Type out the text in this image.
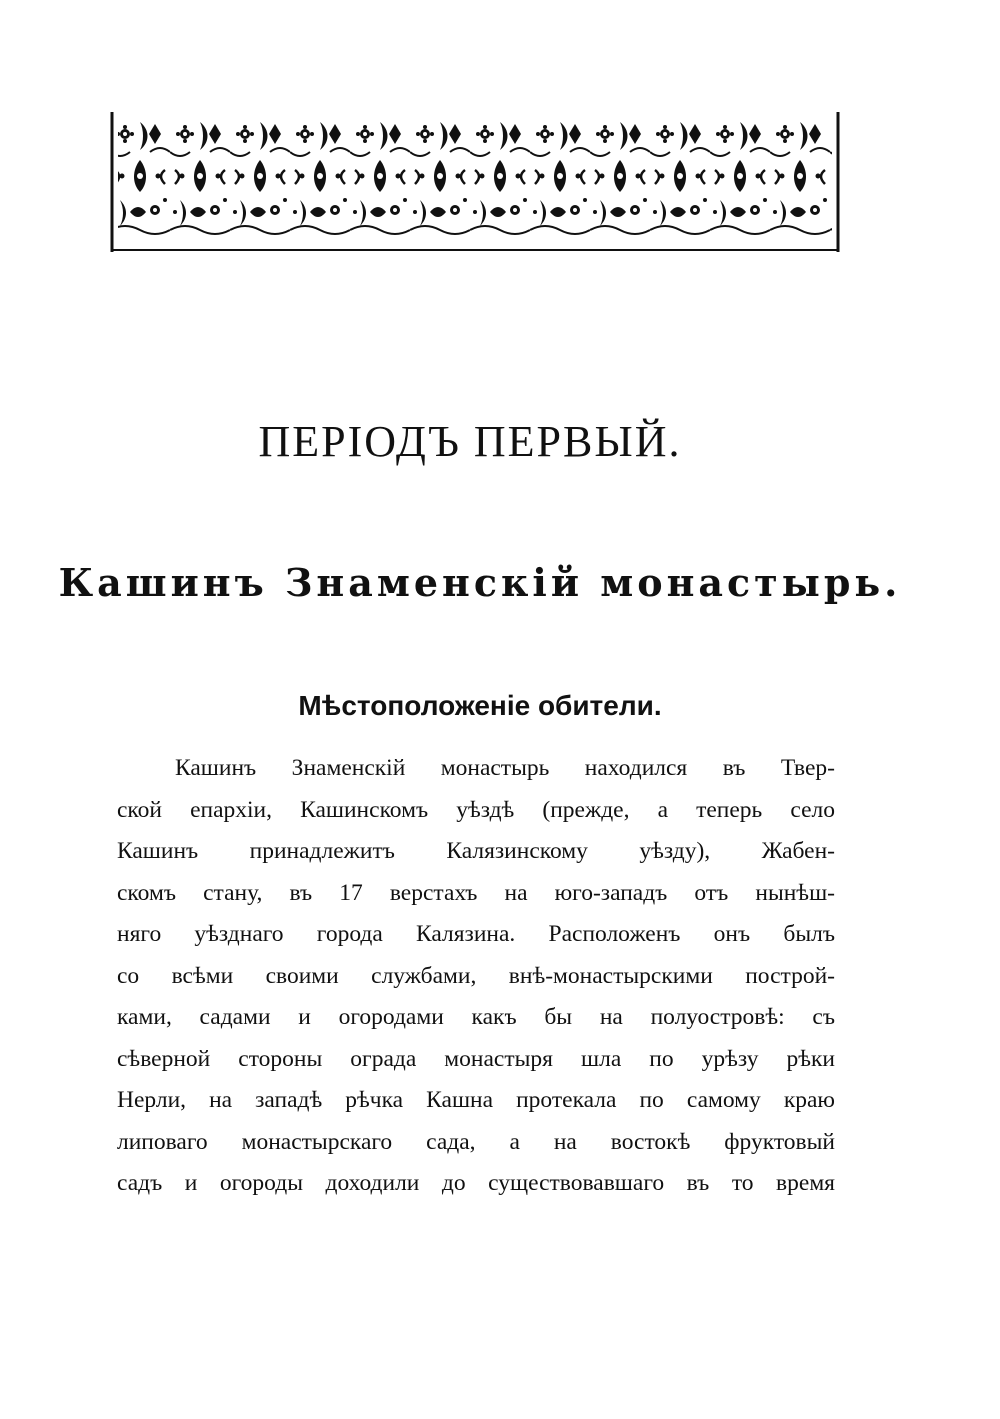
ПЕРІОДЪ ПЕРВЫЙ.
Кашинъ Знаменскій монастырь.
Мѣстоположеніе обители.

Кашинъ Знаменскій монастырь находился въ Твер-
ской епархіи, Кашинскомъ уѣздѣ (прежде, а теперь село
Кашинъ принадлежитъ Калязинскому уѣзду), Жабен-
скомъ стану, въ 17 верстахъ на юго-западъ отъ нынѣш-
няго уѣзднаго города Калязина. Расположенъ онъ былъ
со всѣми своими службами, внѣ-монастырскими построй-
ками, садами и огородами какъ бы на полуостровѣ: съ
сѣверной стороны ограда монастыря шла по урѣзу рѣки
Нерли, на западѣ рѣчка Кашна протекала по самому краю
липоваго монастырскаго сада, а на востокѣ фруктовый
садъ и огороды доходили до существовавшаго въ то время
